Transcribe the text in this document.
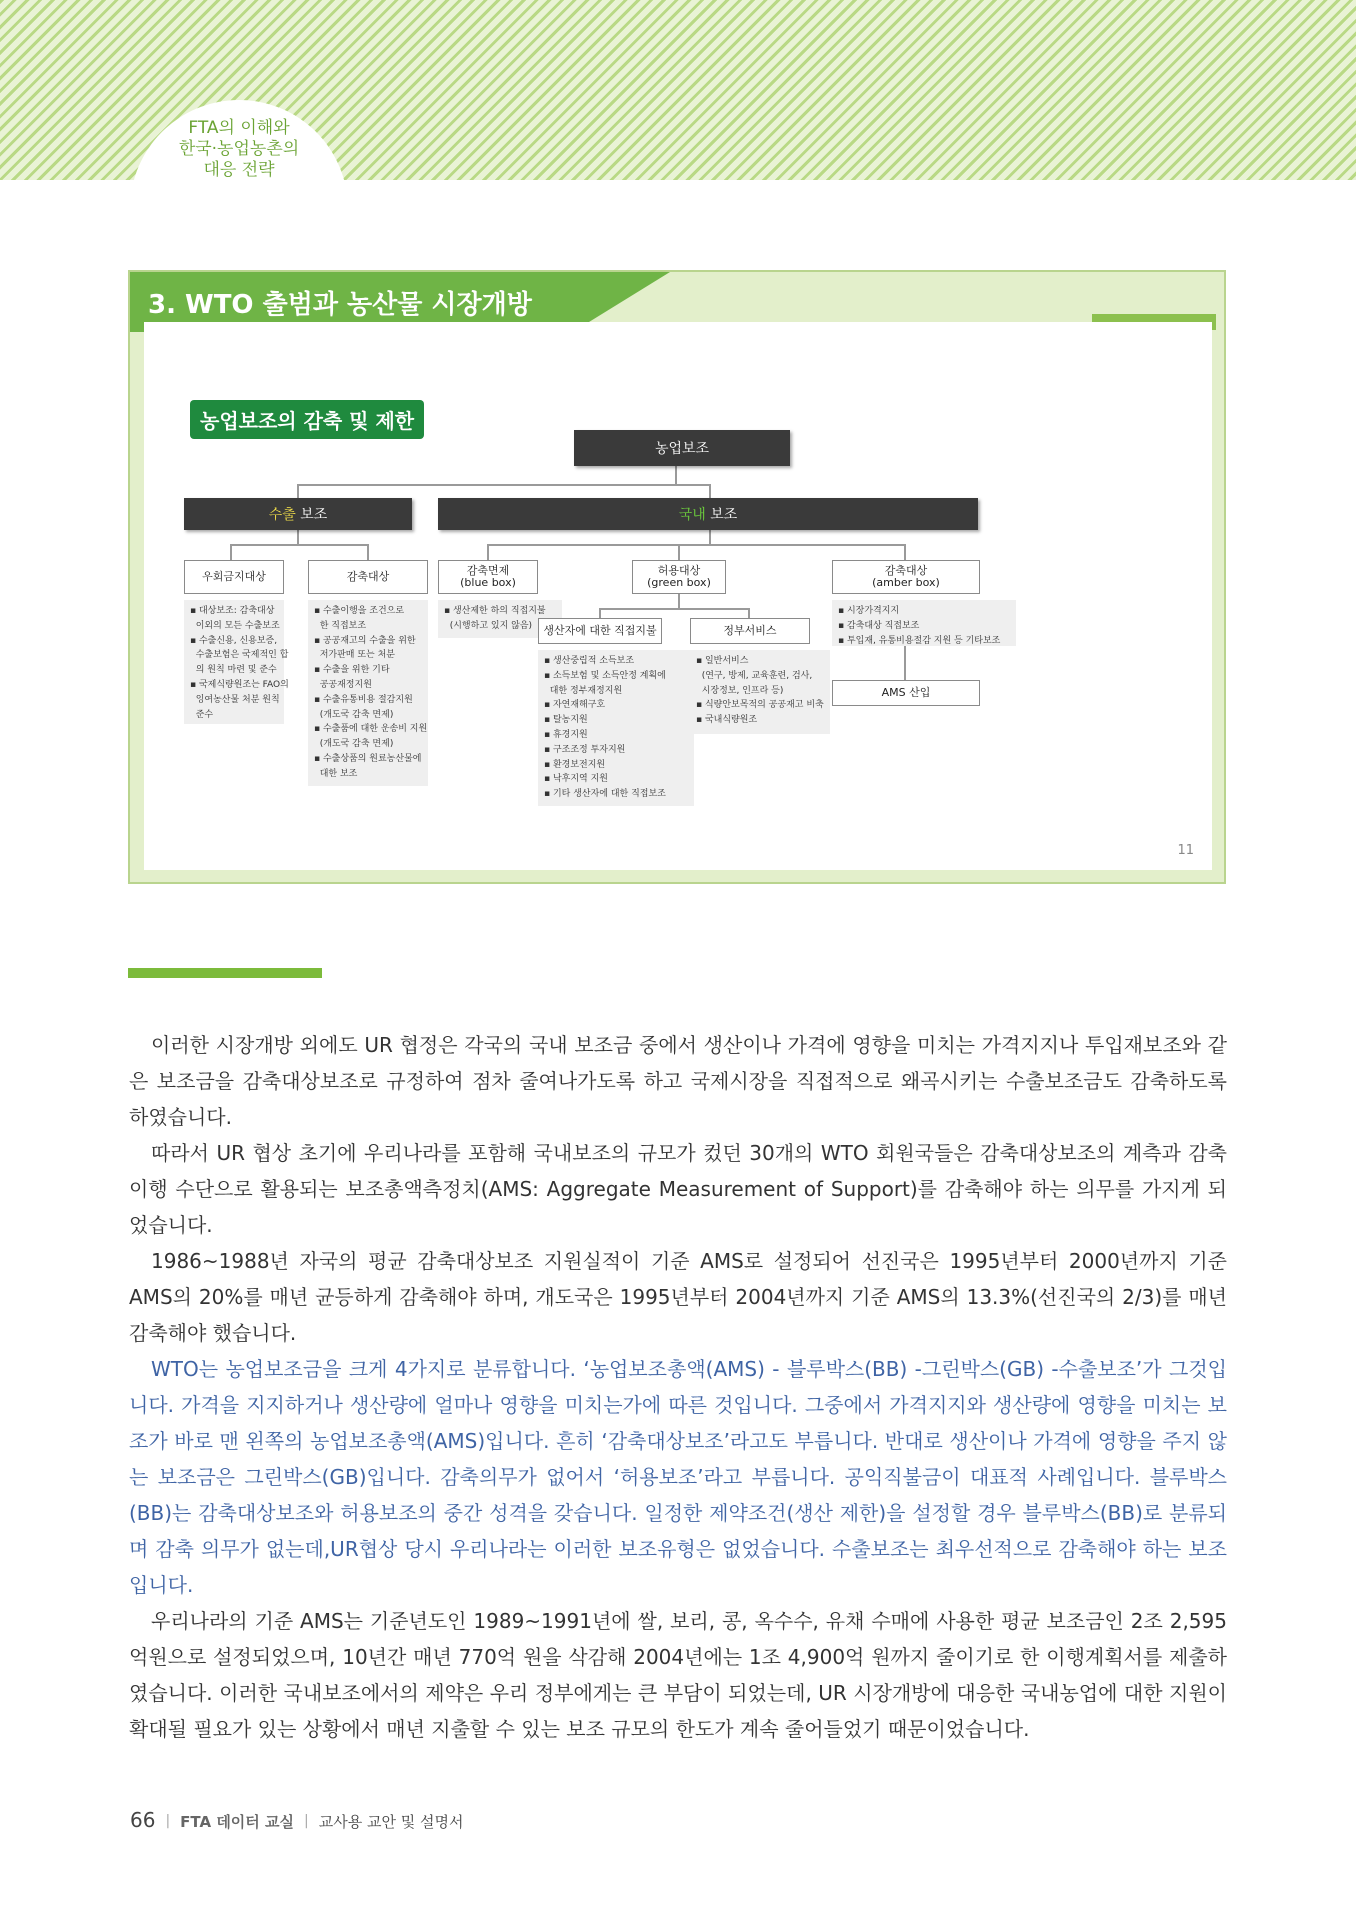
FTA의 이해와
한국·농업농촌의
대응 전략
3. WTO 출범과 농산물 시장개방
농업보조의 감축 및 제한
농업보조
수출 보조	국내 보조
우회금지대상	감축대상	감축면제
(blue box)
허용대상
(green box)
감축대상
(amber box)
▪ 대상보조: 감축대상
이외의 모든 수출보조
▪ 수출신용, 신용보증,
수출보험은 국제적인 합
의 원칙 마련 및 준수
▪ 국제식량원조는 FAO의
잉여농산물 처분 원칙
준수
▪ 수출이행을 조건으로
한 직접보조
▪ 공공재고의 수출을 위한
저가판매 또는 처분
▪ 수출을 위한 기타
공공재정지원
▪ 수출유통비용 절감지원
(개도국 감축 면제)
▪ 수출품에 대한 운송비 지원
(개도국 감축 면제)
▪ 수출상품의 원료농산물에
대한 보조
▪ 생산제한 하의 직접지불
(시행하고 있지 않음)
▪ 시장가격지지
▪ 감축대상 직접보조
▪ 투입재, 유통비용절감 지원 등 기타보조
생산자에 대한 직접지불	정부서비스
▪ 생산중립적 소득보조
▪ 소득보험 및 소득안정 계획에
대한 정부재정지원
▪ 자연재해구호
▪ 탈농지원
▪ 휴경지원
▪ 구조조정 투자지원
▪ 환경보전지원
▪ 낙후지역 지원
▪ 기타 생산자에 대한 직접보조
▪ 일반서비스
(연구, 방제, 교육훈련, 검사,
시장정보, 인프라 등)
▪ 식량안보목적의 공공재고 비축
▪ 국내식량원조
AMS 산입
11

이러한 시장개방 외에도 UR 협정은 각국의 국내 보조금 중에서 생산이나 가격에 영향을 미치는 가격지지나 투입재보조와 같은 보조금을 감축대상보조로 규정하여 점차 줄여나가도록 하고 국제시장을 직접적으로 왜곡시키는 수출보조금도 감축하도록 하였습니다.

따라서 UR 협상 초기에 우리나라를 포함해 국내보조의 규모가 컸던 30개의 WTO 회원국들은 감축대상보조의 계측과 감축이행 수단으로 활용되는 보조총액측정치(AMS: Aggregate Measurement of Support)를 감축해야 하는 의무를 가지게 되었습니다.

1986~1988년 자국의 평균 감축대상보조 지원실적이 기준 AMS로 설정되어 선진국은 1995년부터 2000년까지 기준 AMS의 20%를 매년 균등하게 감축해야 하며, 개도국은 1995년부터 2004년까지 기준 AMS의 13.3%(선진국의 2/3)를 매년 감축해야 했습니다.

WTO는 농업보조금을 크게 4가지로 분류합니다. ‘농업보조총액(AMS) - 블루박스(BB) -그린박스(GB) -수출보조’가 그것입니다. 가격을 지지하거나 생산량에 얼마나 영향을 미치는가에 따른 것입니다. 그중에서 가격지지와 생산량에 영향을 미치는 보조가 바로 맨 왼쪽의 농업보조총액(AMS)입니다. 흔히 ‘감축대상보조’라고도 부릅니다. 반대로 생산이나 가격에 영향을 주지 않는 보조금은 그린박스(GB)입니다. 감축의무가 없어서 ‘허용보조’라고 부릅니다. 공익직불금이 대표적 사례입니다. 블루박스(BB)는 감축대상보조와 허용보조의 중간 성격을 갖습니다. 일정한 제약조건(생산 제한)을 설정할 경우 블루박스(BB)로 분류되며 감축 의무가 없는데,UR협상 당시 우리나라는 이러한 보조유형은 없었습니다. 수출보조는 최우선적으로 감축해야 하는 보조입니다.

우리나라의 기준 AMS는 기준년도인 1989~1991년에 쌀, 보리, 콩, 옥수수, 유채 수매에 사용한 평균 보조금인 2조 2,595억원으로 설정되었으며, 10년간 매년 770억 원을 삭감해 2004년에는 1조 4,900억 원까지 줄이기로 한 이행계획서를 제출하였습니다. 이러한 국내보조에서의 제약은 우리 정부에게는 큰 부담이 되었는데, UR 시장개방에 대응한 국내농업에 대한 지원이 확대될 필요가 있는 상황에서 매년 지출할 수 있는 보조 규모의 한도가 계속 줄어들었기 때문이었습니다.

66 | FTA 데이터 교실 | 교사용 교안 및 설명서
